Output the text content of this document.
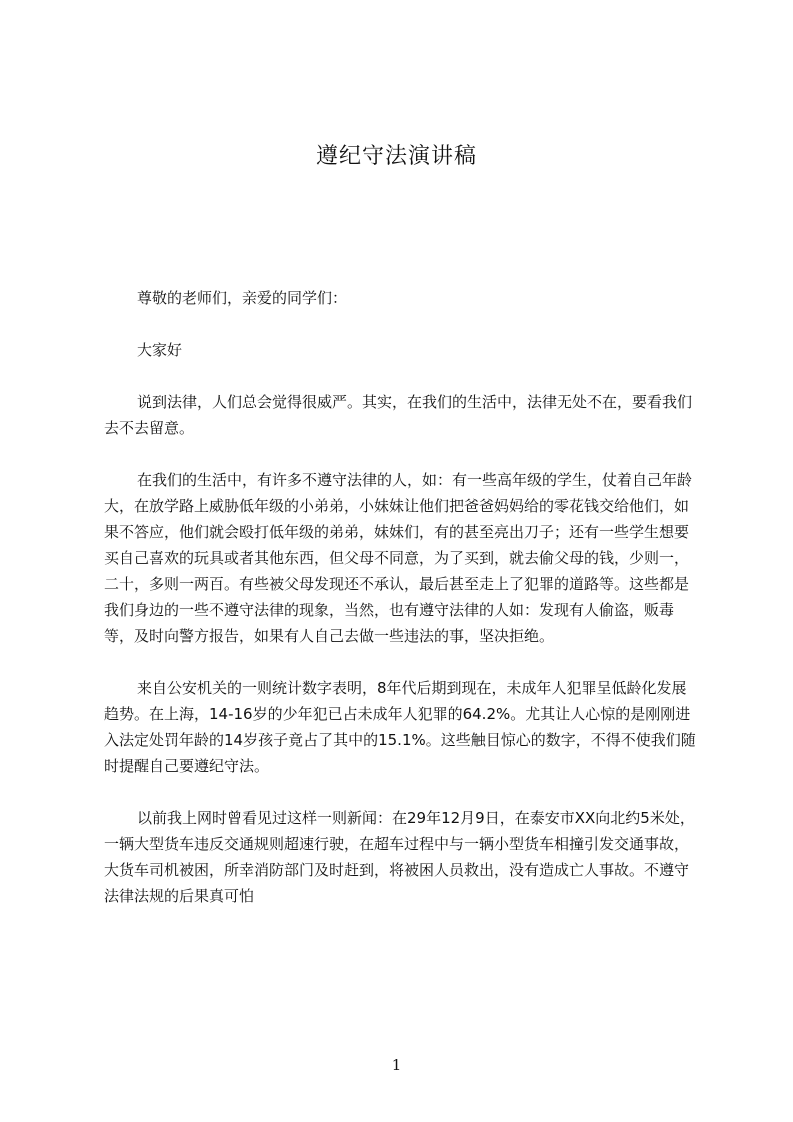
遵纪守法演讲稿

尊敬的老师们，亲爱的同学们：

大家好

说到法律，人们总会觉得很威严。其实，在我们的生活中，法律无处不在，要看我们去不去留意。

在我们的生活中，有许多不遵守法律的人，如：有一些高年级的学生，仗着自己年龄大，在放学路上威胁低年级的小弟弟，小妹妹让他们把爸爸妈妈给的零花钱交给他们，如果不答应，他们就会殴打低年级的弟弟，妹妹们，有的甚至亮出刀子；还有一些学生想要买自己喜欢的玩具或者其他东西，但父母不同意，为了买到，就去偷父母的钱，少则一，二十，多则一两百。有些被父母发现还不承认，最后甚至走上了犯罪的道路等。这些都是我们身边的一些不遵守法律的现象，当然，也有遵守法律的人如：发现有人偷盗，贩毒等，及时向警方报告，如果有人自己去做一些违法的事，坚决拒绝。

来自公安机关的一则统计数字表明，8年代后期到现在，未成年人犯罪呈低龄化发展趋势。在上海，14-16岁的少年犯已占未成年人犯罪的64.2%。尤其让人心惊的是刚刚进入法定处罚年龄的14岁孩子竟占了其中的15.1%。这些触目惊心的数字，不得不使我们随时提醒自己要遵纪守法。

以前我上网时曾看见过这样一则新闻：在29年12月9日，在泰安市XX向北约5米处，一辆大型货车违反交通规则超速行驶，在超车过程中与一辆小型货车相撞引发交通事故，大货车司机被困，所幸消防部门及时赶到，将被困人员救出，没有造成亡人事故。不遵守法律法规的后果真可怕

1
